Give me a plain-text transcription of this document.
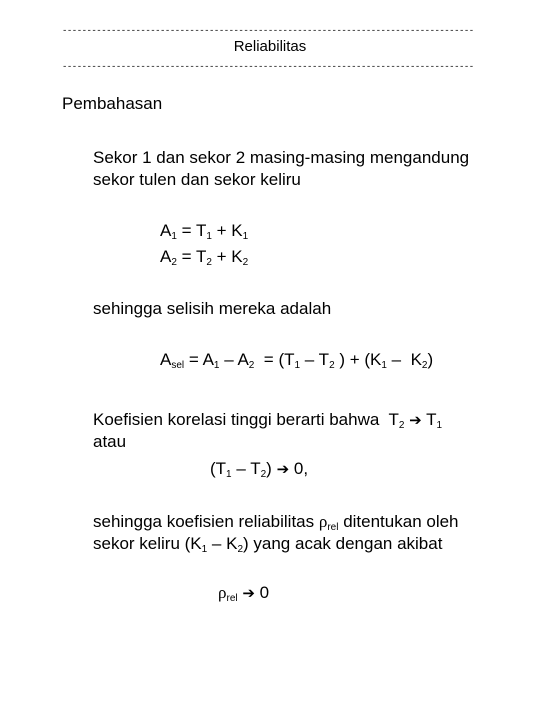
------------------------------------------------------------------------------------
Reliabilitas
------------------------------------------------------------------------------------
Pembahasan
Sekor 1 dan sekor 2 masing-masing mengandung
sekor tulen dan sekor keliru
$A_1 = T_1 + K_1$
$A_2 = T_2 + K_2$
sehingga selisih mereka adalah
$A_{sel} = A_1 - A_2 = (T_1 - T_2$ ) + $(K_1 - K_2)$
Koefisien korelasi tinggi berarti bahwa  $T_2$ ➔ $T_1$
atau
$(T_1 - T_2)$ ➔ 0,
sehingga koefisien reliabilitas $\rho_{rel}$ ditentukan oleh
sekor keliru $(K_1 - K_2)$ yang acak dengan akibat
$\rho_{rel}$ ➔ 0
